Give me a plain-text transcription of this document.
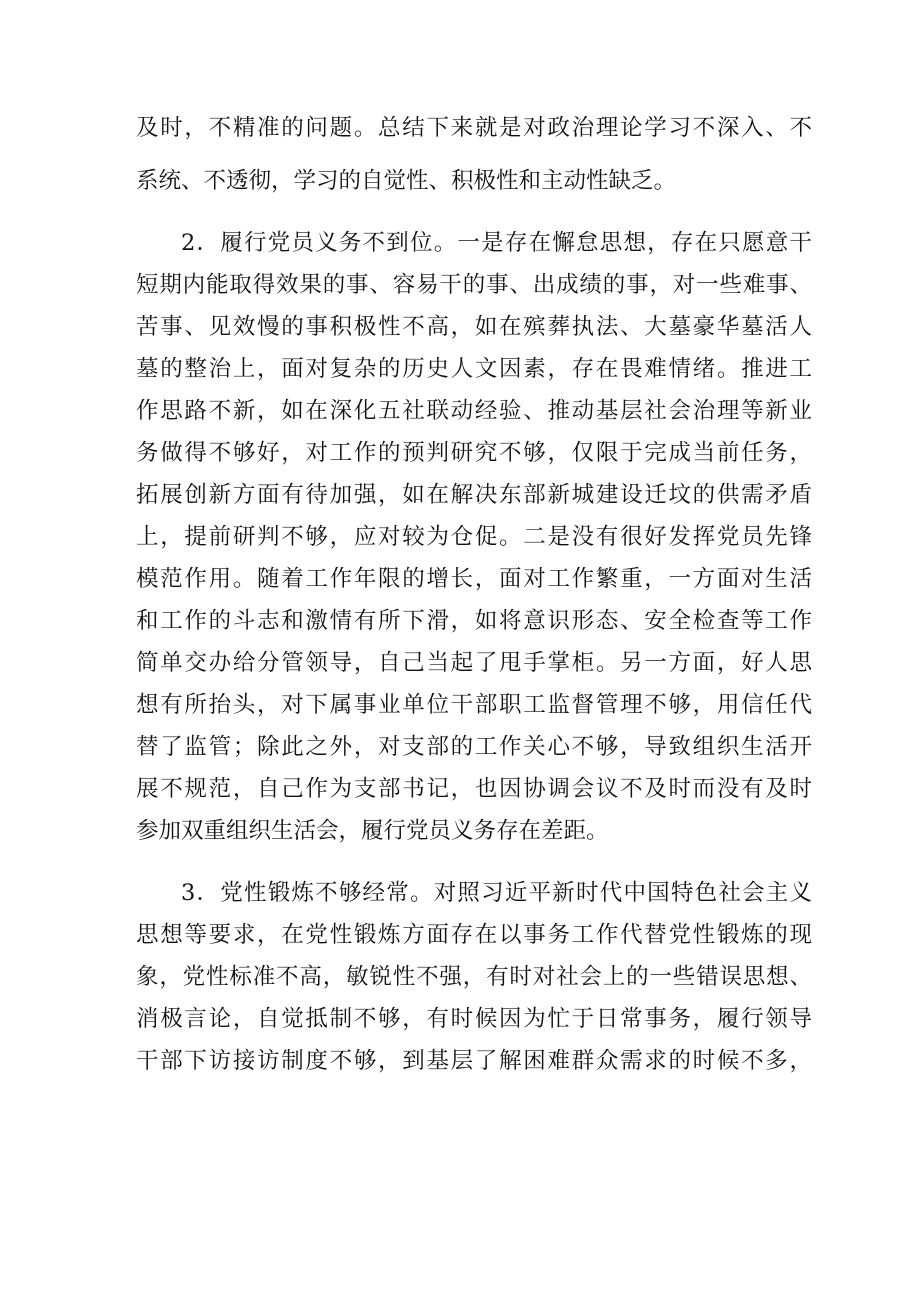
及时，不精准的问题。总结下来就是对政治理论学习不深入、不
系统、不透彻，学习的自觉性、积极性和主动性缺乏。
2．履行党员义务不到位。一是存在懈怠思想，存在只愿意干
短期内能取得效果的事、容易干的事、出成绩的事，对一些难事、
苦事、见效慢的事积极性不高，如在殡葬执法、大墓豪华墓活人
墓的整治上，面对复杂的历史人文因素，存在畏难情绪。推进工
作思路不新，如在深化五社联动经验、推动基层社会治理等新业
务做得不够好，对工作的预判研究不够，仅限于完成当前任务，
拓展创新方面有待加强，如在解决东部新城建设迁坟的供需矛盾
上，提前研判不够，应对较为仓促。二是没有很好发挥党员先锋
模范作用。随着工作年限的增长，面对工作繁重，一方面对生活
和工作的斗志和激情有所下滑，如将意识形态、安全检查等工作
简单交办给分管领导，自己当起了甩手掌柜。另一方面，好人思
想有所抬头，对下属事业单位干部职工监督管理不够，用信任代
替了监管；除此之外，对支部的工作关心不够，导致组织生活开
展不规范，自己作为支部书记，也因协调会议不及时而没有及时
参加双重组织生活会，履行党员义务存在差距。
3．党性锻炼不够经常。对照习近平新时代中国特色社会主义
思想等要求，在党性锻炼方面存在以事务工作代替党性锻炼的现
象，党性标准不高，敏锐性不强，有时对社会上的一些错误思想、
消极言论，自觉抵制不够，有时候因为忙于日常事务，履行领导
干部下访接访制度不够，到基层了解困难群众需求的时候不多，
